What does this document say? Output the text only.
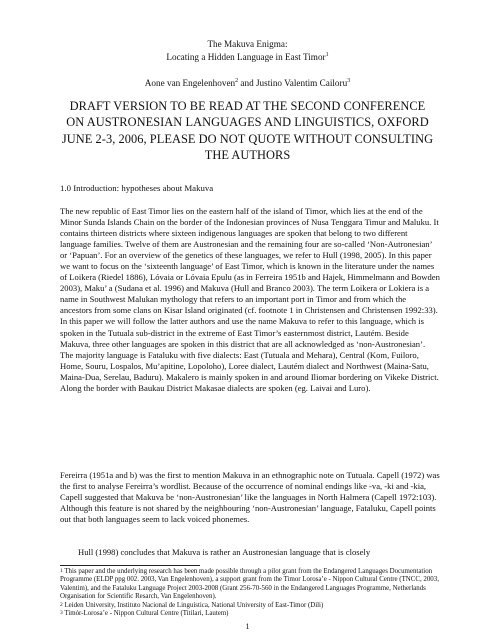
The Makuva Enigma:
Locating a Hidden Language in East Timor$^1$
Aone van Engelenhoven$^2$ and Justino Valentim Cailoru$^3$
DRAFT VERSION TO BE READ AT THE SECOND CONFERENCE ON AUSTRONESIAN LANGUAGES AND LINGUISTICS, OXFORD JUNE 2-3, 2006, PLEASE DO NOT QUOTE WITHOUT CONSULTING THE AUTHORS
1.0 Introduction: hypotheses about Makuva

The new republic of East Timor lies on the eastern half of the island of Timor, which lies at the end of the Minor Sunda Islands Chain on the border of the Indonesian provinces of Nusa Tenggara Timur and Maluku. It contains thirteen districts where sixteen indigenous languages are spoken that belong to two different language families. Twelve of them are Austronesian and the remaining four are so-called ‘Non-Autronesian’ or ‘Papuan’. For an overview of the genetics of these languages, we refer to Hull (1998, 2005). In this paper we want to focus on the ‘sixteenth language’ of East Timor, which is known in the literature under the names of Loikera (Riedel 1886), Lóvaia or Lóvaia Epulu (as in Ferreira 1951b and Hajek, Himmelmann and Bowden 2003), Maku’ a (Sudana et al. 1996) and Makuva (Hull and Branco 2003). The term Loikera or Lokiera is a name in Southwest Malukan mythology that refers to an important port in Timor and from which the ancestors from some clans on Kisar Island originated (cf. footnote 1 in Christensen and Christensen 1992:33). In this paper we will follow the latter authors and use the name Makuva to refer to this language, which is spoken in the Tutuala sub-district in the extreme of East Timor’s easternmost district, Lautém. Beside Makuva, three other languages are spoken in this district that are all acknowledged as ‘non-Austronesian’. The majority language is Fataluku with five dialects: East (Tutuala and Mehara), Central (Kom, Fuiloro, Home, Souru, Lospalos, Mu’apitine, Lopoloho), Loree dialect, Lautém dialect and Northwest (Maina-Satu, Maina-Dua, Serelau, Baduru). Makalero is mainly spoken in and around Iliomar bordering on Vikeke District. Along the border with Baukau District Makasae dialects are spoken (eg. Laivai and Luro).

Fereirra (1951a and b) was the first to mention Makuva in an ethnographic note on Tutuala. Capell (1972) was the first to analyse Fereirra’s wordlist. Because of the occurrence of nominal endings like -va, -ki and -kia, Capell suggested that Makuva be ‘non-Austronesian’ like the languages in North Halmera (Capell 1972:103). Although this feature is not shared by the neighbouring ‘non-Austronesian’ language, Fataluku, Capell points out that both languages seem to lack voiced phonemes.

Hull (1998) concludes that Makuva is rather an Austronesian language that is closely

$^1$ This paper and the underlying research has been made possible through a pilot grant from the Endangered Languages Documentation Programme (ELDP ppg 002. 2003, Van Engelenhoven), a support grant from the Timor Lorosa’e - Nippon Cultural Centre (TNCC, 2003, Valentim), and the Fataluku Language Project 2003-2008 (Grant 256-70-560 in the Endangered Languages Programme, Netherlands Organisation for Scientific Resarch, Van Engelenhoven).

$^2$ Leiden University, Instituto Nacional de Linguística, National University of East-Timor (Dili)

$^3$ Timór-Lorosa’e - Nippon Cultural Centre (Titilari, Lautem)

1
